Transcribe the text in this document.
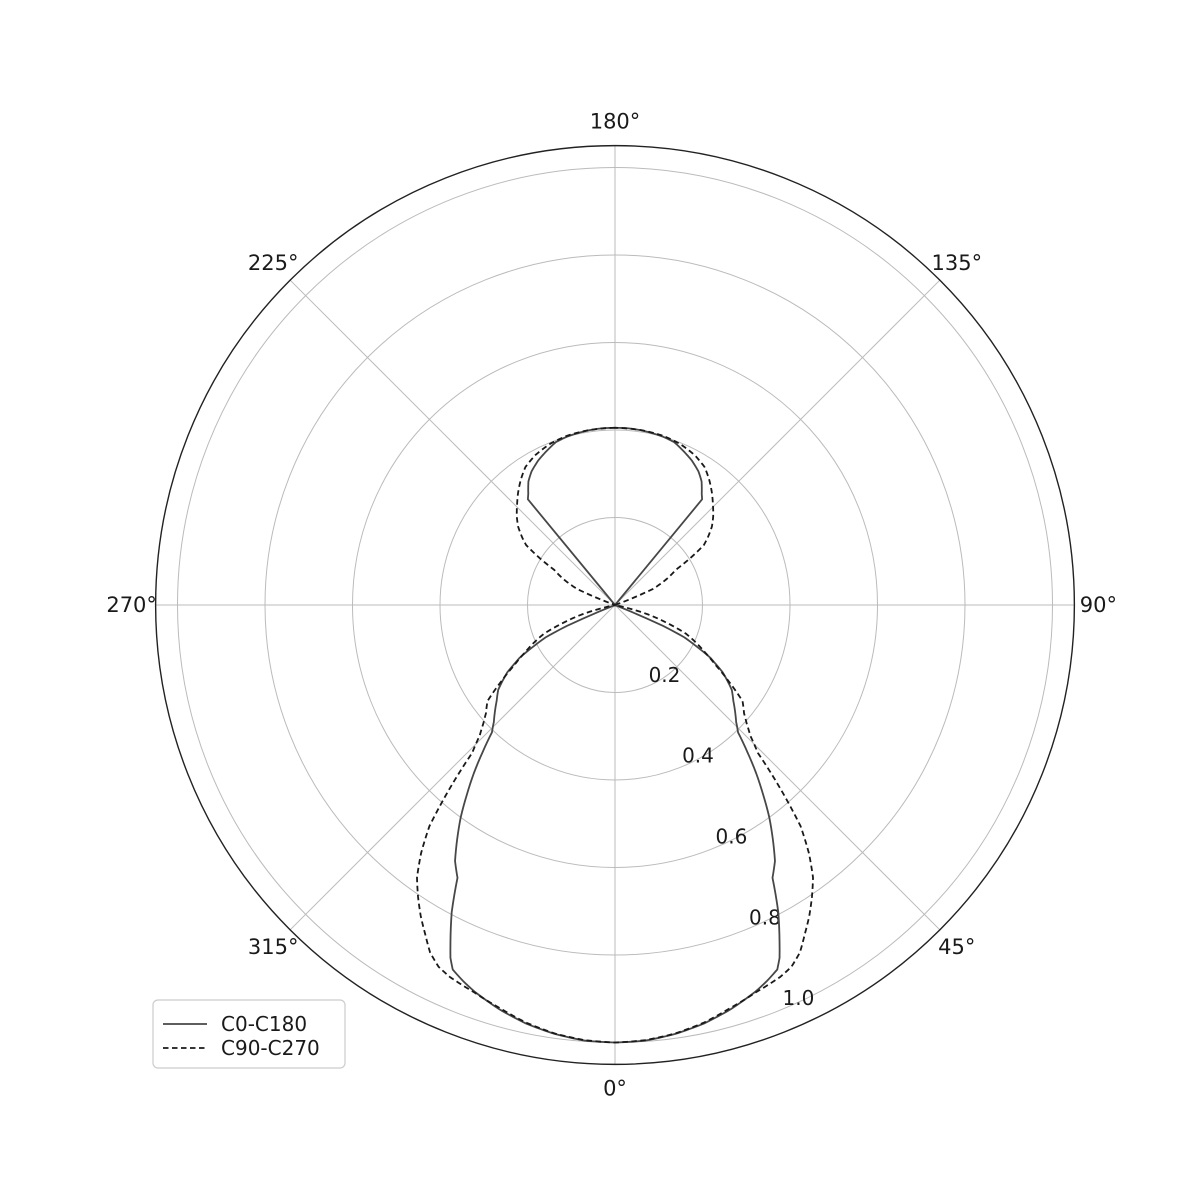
0.2
0.4
0.6
0.8
1.0
0°
45°
90°
135°
180°
225°
270°
315°
C0-C180
C90-C270
